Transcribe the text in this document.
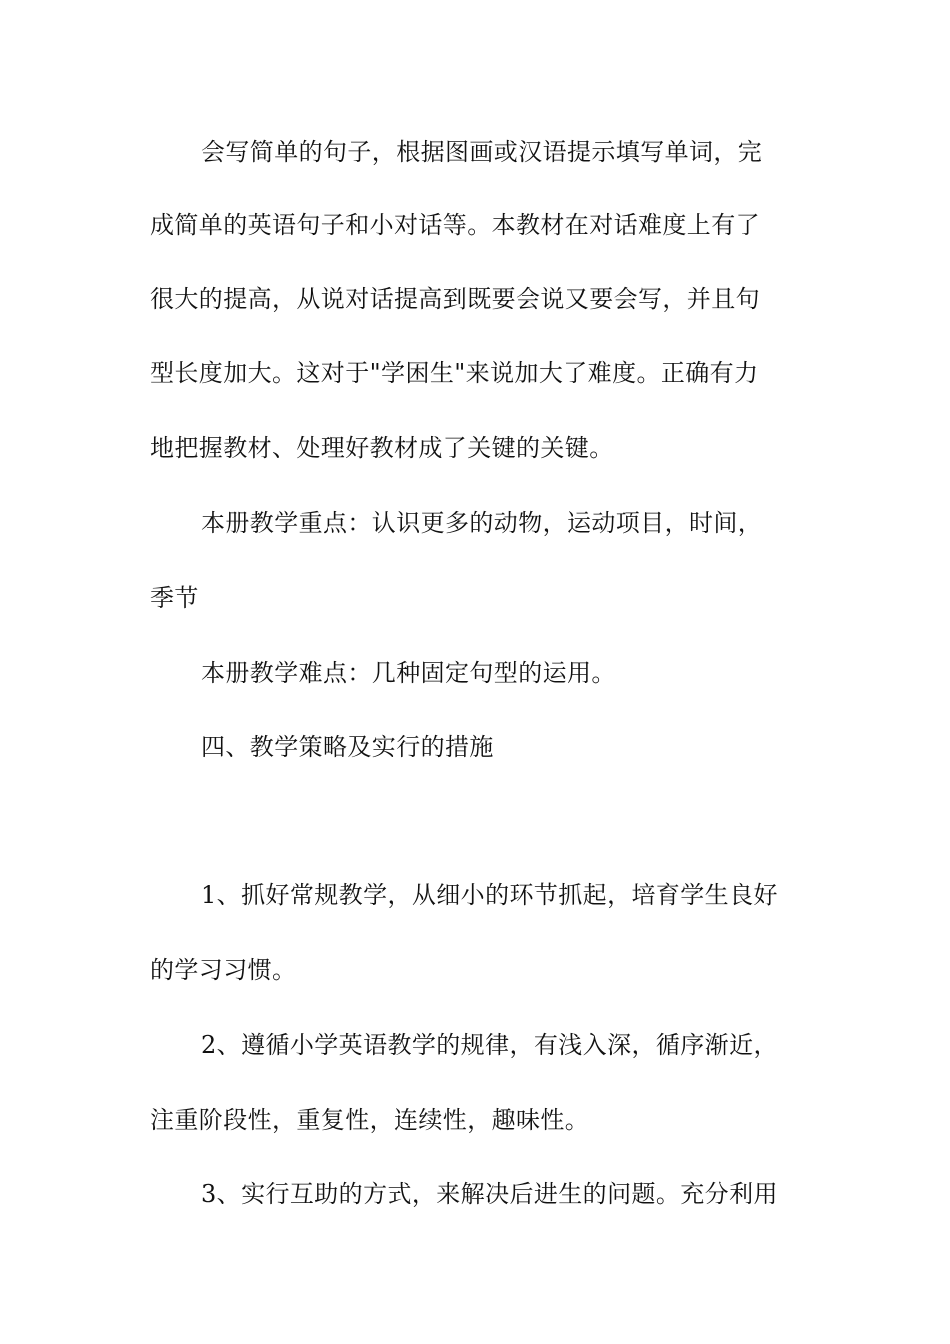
会写简单的句子，根据图画或汉语提示填写单词，完
成简单的英语句子和小对话等。本教材在对话难度上有了
很大的提高，从说对话提高到既要会说又要会写，并且句
型长度加大。这对于"学困生"来说加大了难度。正确有力
地把握教材、处理好教材成了关键的关键。
本册教学重点：认识更多的动物，运动项目，时间，
季节
本册教学难点：几种固定句型的运用。
四、教学策略及实行的措施
1、抓好常规教学，从细小的环节抓起，培育学生良好
的学习习惯。
2、遵循小学英语教学的规律，有浅入深，循序渐近，
注重阶段性，重复性，连续性，趣味性。
3、实行互助的方式，来解决后进生的问题。充分利用
